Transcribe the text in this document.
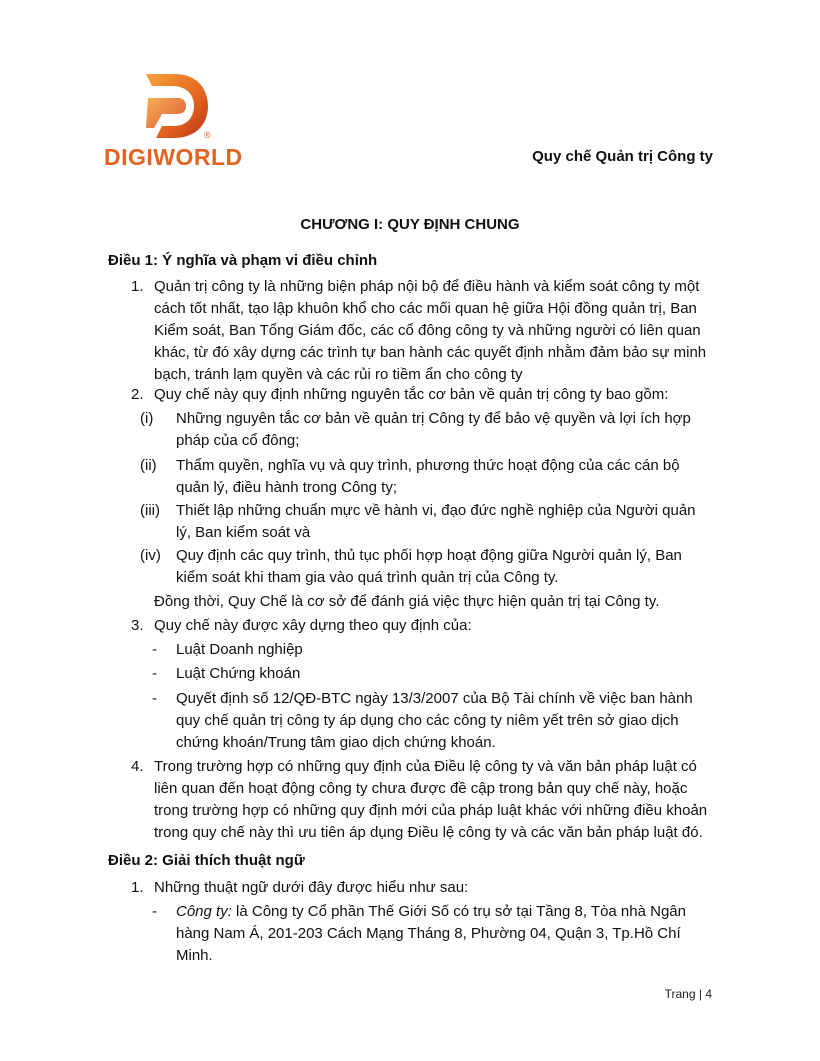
®
DIGIWORLD	Quy chế Quản trị Công ty
CHƯƠNG I: QUY ĐỊNH CHUNG
Điều 1: Ý nghĩa và phạm vi điều chỉnh
1. Quản trị công ty là những biện pháp nội bộ để điều hành và kiểm soát công ty một
cách tốt nhất, tạo lập khuôn khổ cho các mối quan hệ giữa Hội đồng quản trị, Ban
Kiểm soát, Ban Tổng Giám đốc, các cổ đông công ty và những người có liên quan
khác, từ đó xây dựng các trình tự ban hành các quyết định nhằm đảm bảo sự minh
bạch, tránh lạm quyền và các rủi ro tiềm ẩn cho công ty
2. Quy chế này quy định những nguyên tắc cơ bản về quản trị công ty bao gồm:
(i) Những nguyên tắc cơ bản về quản trị Công ty để bảo vệ quyền và lợi ích hợp
pháp của cổ đông;
(ii) Thẩm quyền, nghĩa vụ và quy trình, phương thức hoạt động của các cán bộ
quản lý, điều hành trong Công ty;
(iii) Thiết lập những chuẩn mực về hành vi, đạo đức nghề nghiệp của Người quản
lý, Ban kiểm soát và
(iv) Quy định các quy trình, thủ tục phối hợp hoạt động giữa Người quản lý, Ban
kiểm soát khi tham gia vào quá trình quản trị của Công ty.
Đồng thời, Quy Chế là cơ sở để đánh giá việc thực hiện quản trị tại Công ty.
3. Quy chế này được xây dựng theo quy định của:
- Luật Doanh nghiệp
- Luật Chứng khoán
- Quyết định số 12/QĐ-BTC ngày 13/3/2007 của Bộ Tài chính về việc ban hành
quy chế quản trị công ty áp dụng cho các công ty niêm yết trên sở giao dịch
chứng khoán/Trung tâm giao dịch chứng khoán.
4. Trong trường hợp có những quy định của Điều lệ công ty và văn bản pháp luật có
liên quan đến hoạt động công ty chưa được đề cập trong bản quy chế này, hoặc
trong trường hợp có những quy định mới của pháp luật khác với những điều khoản
trong quy chế này thì ưu tiên áp dụng Điều lệ công ty và các văn bản pháp luật đó.
Điều 2: Giải thích thuật ngữ
1. Những thuật ngữ dưới đây được hiểu như sau:
- Công ty: là Công ty Cổ phần Thế Giới Số có trụ sở tại Tầng 8, Tòa nhà Ngân
hàng Nam Á, 201-203 Cách Mạng Tháng 8, Phường 04, Quận 3, Tp.Hồ Chí
Minh.
Trang | 4
